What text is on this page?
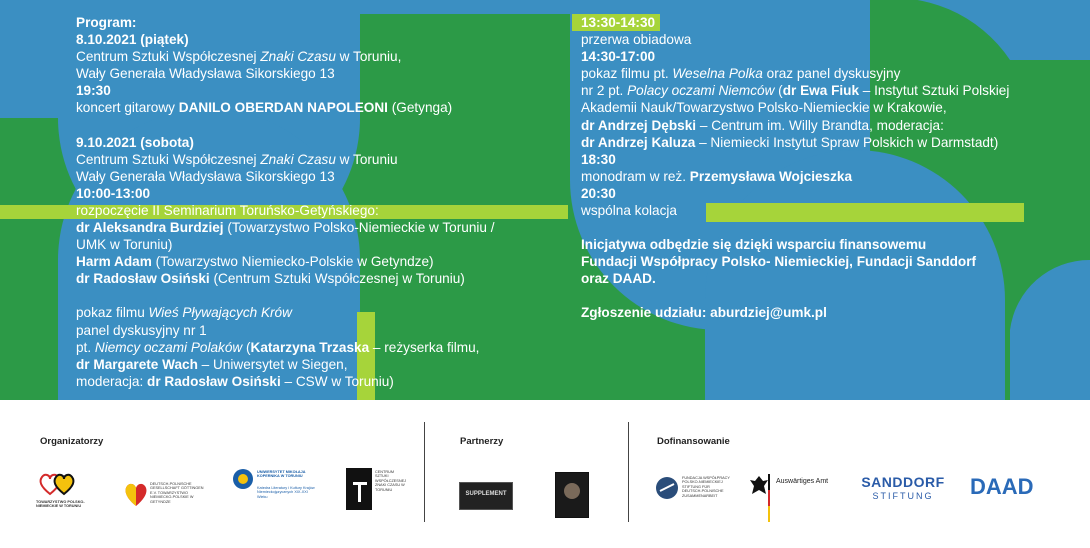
Program:

8.10.2021 (piątek)

Centrum Sztuki Współczesnej Znaki Czasu w Toruniu,

Wały Generała Władysława Sikorskiego 13

19:30

koncert gitarowy DANILO OBERDAN NAPOLEONI (Getynga)

9.10.2021 (sobota)

Centrum Sztuki Współczesnej Znaki Czasu w Toruniu

Wały Generała Władysława Sikorskiego 13

10:00-13:00

rozpoczęcie II Seminarium Toruńsko-Getyńskiego:

dr Aleksandra Burdziej (Towarzystwo Polsko-Niemieckie w Toruniu /

UMK w Toruniu)

Harm Adam (Towarzystwo Niemiecko-Polskie w Getyndze)

dr Radosław Osiński (Centrum Sztuki Współczesnej w Toruniu)

pokaz filmu Wieś Pływających Krów

panel dyskusyjny nr 1

pt. Niemcy oczami Polaków (Katarzyna Trzaska – reżyserka filmu,

dr Margarete Wach – Uniwersytet w Siegen,

moderacja: dr Radosław Osiński – CSW w Toruniu)

13:30-14:30

przerwa obiadowa

14:30-17:00

pokaz filmu pt. Weselna Polka oraz panel dyskusyjny

nr 2 pt. Polacy oczami Niemców (dr Ewa Fiuk – Instytut Sztuki Polskiej

Akademii Nauk/Towarzystwo Polsko-Niemieckie w Krakowie,

dr Andrzej Dębski – Centrum im. Willy Brandta, moderacja:

dr Andrzej Kaluza – Niemiecki Instytut Spraw Polskich w Darmstadt)

18:30

monodram w reż. Przemysława Wojcieszka

20:30

wspólna kolacja

Inicjatywa odbędzie się dzięki wsparciu finansowemu

Fundacji Współpracy Polsko- Niemieckiej, Fundacji Sanddorf

oraz DAAD.

Zgłoszenie udziału: aburdziej@umk.pl

Organizatorzy	Partnerzy	Dofinansowanie
TOWARZYSTWO POLSKO-NIEMIECKIE W TORUNIU
DEUTSCH-POLNISCHE GESELLSCHAFT GÖTTINGEN E.V. TOWARZYSTWO NIEMIECKO-POLSKIE W GETYNDZE
UNIWERSYTET MIKOŁAJA KOPERNIKA W TORUNIU
Katedra Literatury i Kultury Krajów Niemieckojęzycznych XIX-XXI Wieku
CENTRUM SZTUKI WSPÓŁCZESNEJ ZNAKI CZASU W TORUNIU
SUPPLEMENT
FUNDACJA WSPÓŁPRACY POLSKO-NIEMIECKIEJ STIFTUNG FÜR DEUTSCH-POLNISCHE ZUSAMMENARBEIT
Auswärtiges Amt	SANDDORF
STIFTUNG	DAAD
